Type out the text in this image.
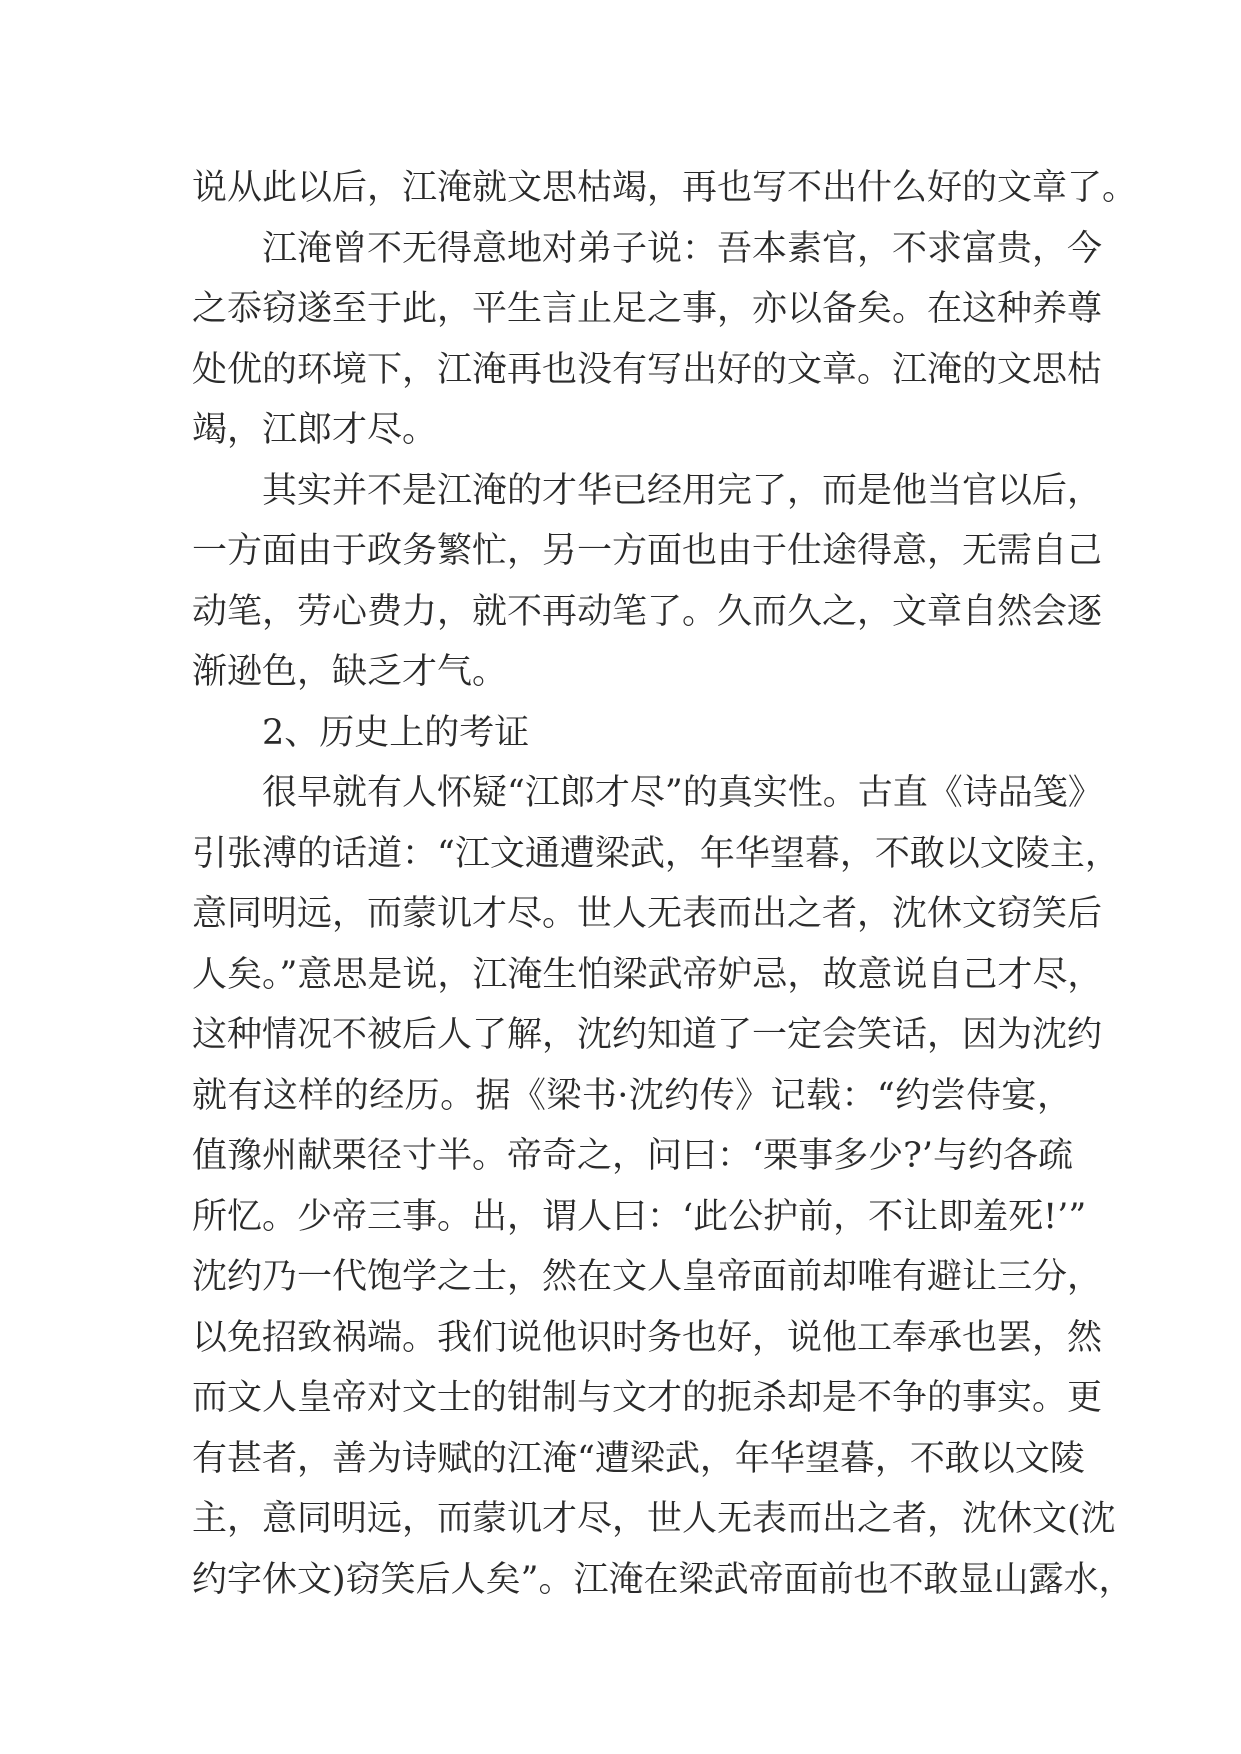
说从此以后，江淹就文思枯竭，再也写不出什么好的文章了。
江淹曾不无得意地对弟子说：吾本素官，不求富贵，今
之忝窃遂至于此，平生言止足之事，亦以备矣。在这种养尊
处优的环境下，江淹再也没有写出好的文章。江淹的文思枯
竭，江郎才尽。
其实并不是江淹的才华已经用完了，而是他当官以后，
一方面由于政务繁忙，另一方面也由于仕途得意，无需自己
动笔，劳心费力，就不再动笔了。久而久之，文章自然会逐
渐逊色，缺乏才气。
2、历史上的考证
很早就有人怀疑“江郎才尽”的真实性。古直《诗品笺》
引张溥的话道：“江文通遭梁武，年华望暮，不敢以文陵主，
意同明远，而蒙讥才尽。世人无表而出之者，沈休文窃笑后
人矣。”意思是说，江淹生怕梁武帝妒忌，故意说自己才尽，
这种情况不被后人了解，沈约知道了一定会笑话，因为沈约
就有这样的经历。据《梁书·沈约传》记载：“约尝侍宴，
值豫州献栗径寸半。帝奇之，问曰：‘栗事多少?’与约各疏
所忆。少帝三事。出，谓人曰：‘此公护前，不让即羞死!’”
沈约乃一代饱学之士，然在文人皇帝面前却唯有避让三分，
以免招致祸端。我们说他识时务也好，说他工奉承也罢，然
而文人皇帝对文士的钳制与文才的扼杀却是不争的事实。更
有甚者，善为诗赋的江淹“遭梁武，年华望暮，不敢以文陵
主，意同明远，而蒙讥才尽，世人无表而出之者，沈休文(沈
约字休文)窃笑后人矣”。江淹在梁武帝面前也不敢显山露水，
